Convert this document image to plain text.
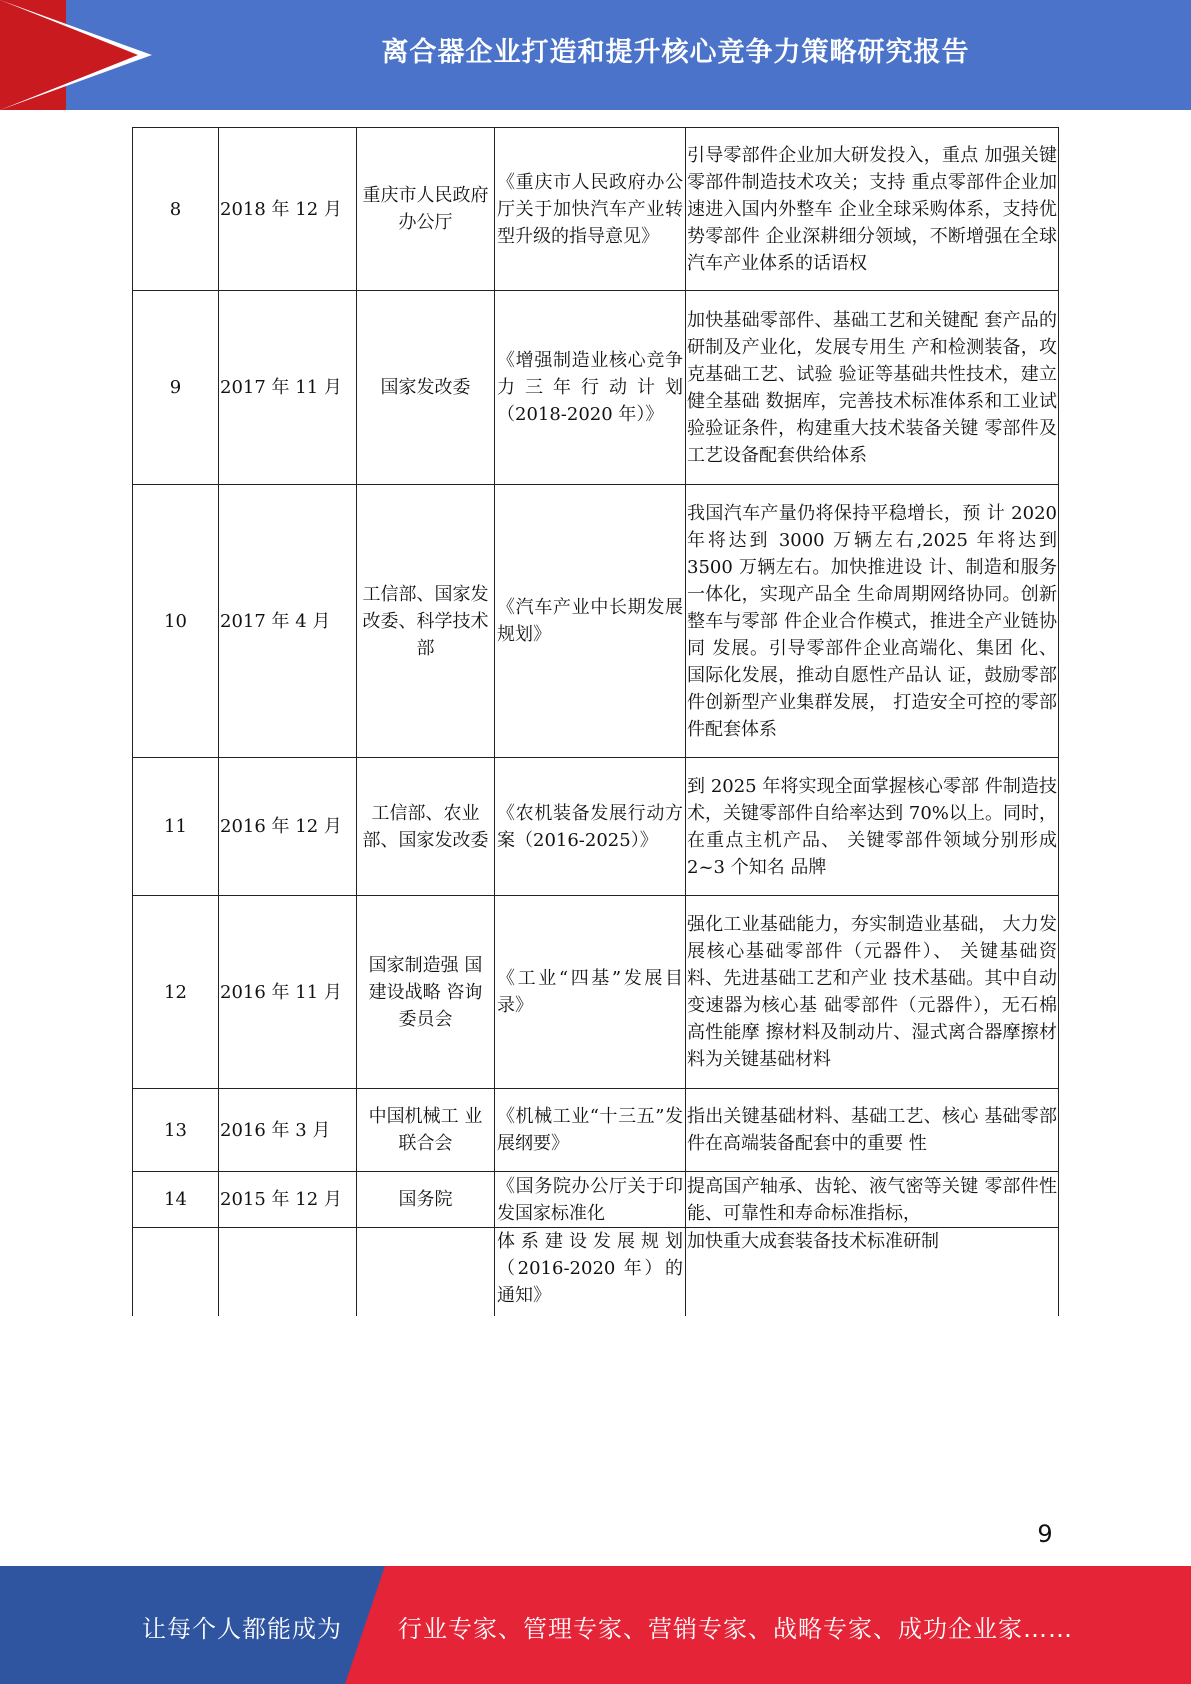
离合器企业打造和提升核心竞争力策略研究报告
8	2018 年 12 月	重庆市人民政府办公厅	《重庆市人民政府办公厅关于加快汽车产业转型升级的指导意见》	引导零部件企业加大研发投入，重点 加强关键零部件制造技术攻关；支持 重点零部件企业加速进入国内外整车 企业全球采购体系，支持优势零部件 企业深耕细分领域，不断增强在全球 汽车产业体系的话语权
9	2017 年 11 月	国家发改委	《增强制造业核心竞争力三年行动计划（2018-2020 年）》	加快基础零部件、基础工艺和关键配 套产品的研制及产业化，发展专用生 产和检测装备，攻克基础工艺、试验 验证等基础共性技术，建立健全基础 数据库，完善技术标准体系和工业试 验验证条件，构建重大技术装备关键 零部件及工艺设备配套供给体系
10	2017 年 4 月	工信部、国家发改委、科学技术部	《汽车产业中长期发展规划》	我国汽车产量仍将保持平稳增长，预 计 2020 年将达到 3000 万辆左右,2025 年将达到 3500 万辆左右。加快推进设 计、制造和服务一体化，实现产品全 生命周期网络协同。创新整车与零部 件企业合作模式，推进全产业链协同 发展。引导零部件企业高端化、集团 化、国际化发展，推动自愿性产品认 证，鼓励零部件创新型产业集群发展， 打造安全可控的零部件配套体系
11	2016 年 12 月	工信部、农业部、国家发改委	《农机装备发展行动方案（2016-2025）》	到 2025 年将实现全面掌握核心零部 件制造技术，关键零部件自给率达到 70%以上。同时，在重点主机产品、 关键零部件领域分别形成 2~3 个知名 品牌
12	2016 年 11 月	国家制造强 国建设战略 咨询委员会	《工业“四基”发展目录》	强化工业基础能力，夯实制造业基础， 大力发展核心基础零部件（元器件）、 关键基础资料、先进基础工艺和产业 技术基础。其中自动变速器为核心基 础零部件（元器件），无石棉高性能摩 擦材料及制动片、湿式离合器摩擦材 料为关键基础材料
13	2016 年 3 月	中国机械工 业联合会	《机械工业“十三五”发展纲要》	指出关键基础材料、基础工艺、核心 基础零部件在高端装备配套中的重要 性
14	2015 年 12 月	国务院	《国务院办公厅关于印发国家标准化	提高国产轴承、齿轮、液气密等关键 零部件性能、可靠性和寿命标准指标，
			体系建设发展规划（2016-2020 年）的通知》	加快重大成套装备技术标准研制
9
让每个人都能成为 行业专家、管理专家、营销专家、战略专家、成功企业家……
